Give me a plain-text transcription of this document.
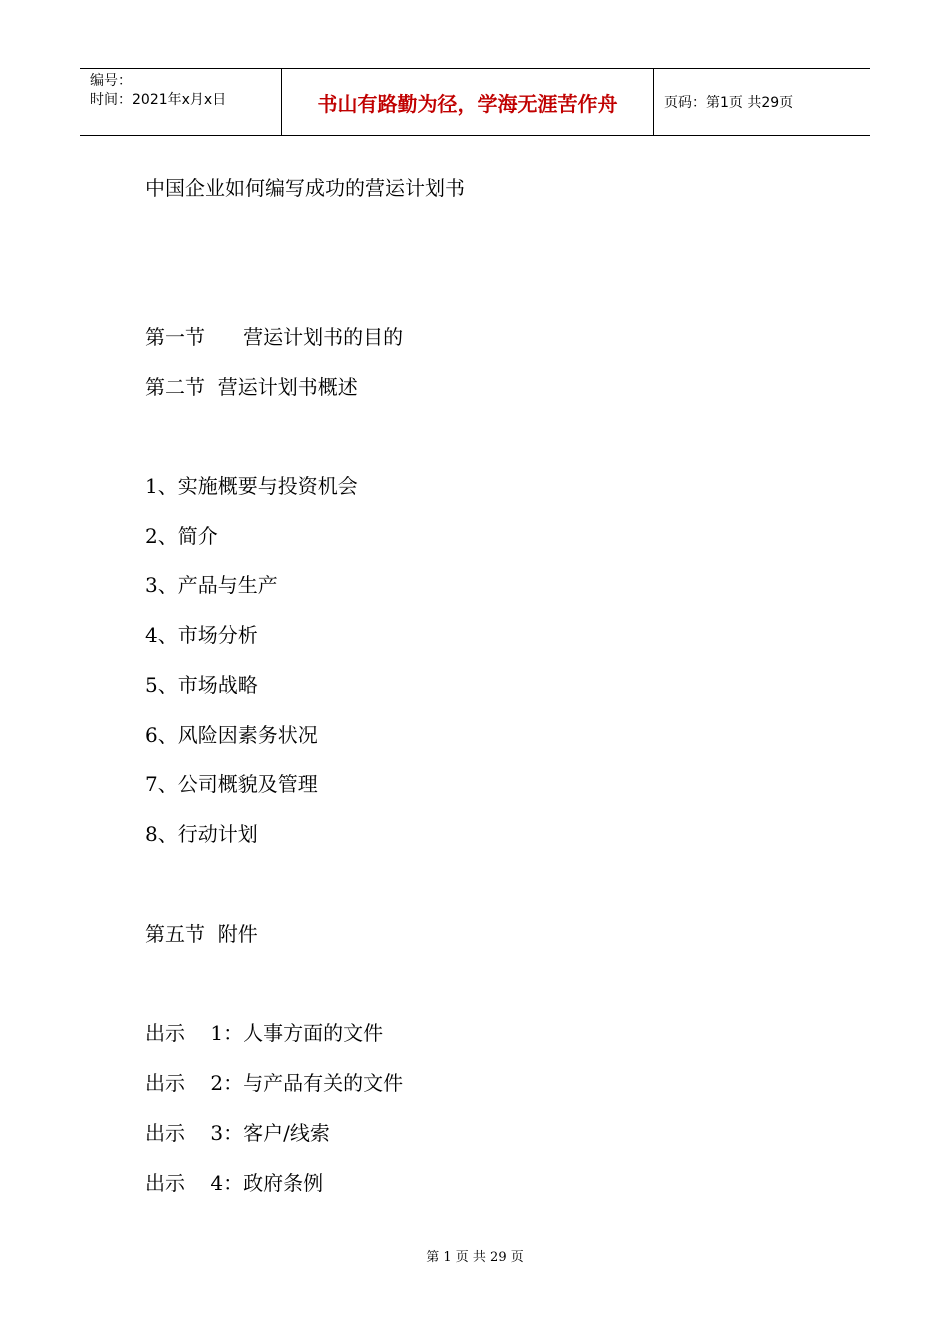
编号：
时间：2021年x月x日	书山有路勤为径，学海无涯苦作舟	页码：第1页 共29页
中国企业如何编写成功的营运计划书
第一节      营运计划书的目的
第二节  营运计划书概述
1、实施概要与投资机会
2、简介
3、产品与生产
4、市场分析
5、市场战略
6、风险因素务状况
7、公司概貌及管理
8、行动计划
第五节  附件
出示    1：人事方面的文件
出示    2：与产品有关的文件
出示    3：客户/线索
出示    4：政府条例
第 1 页 共 29 页
